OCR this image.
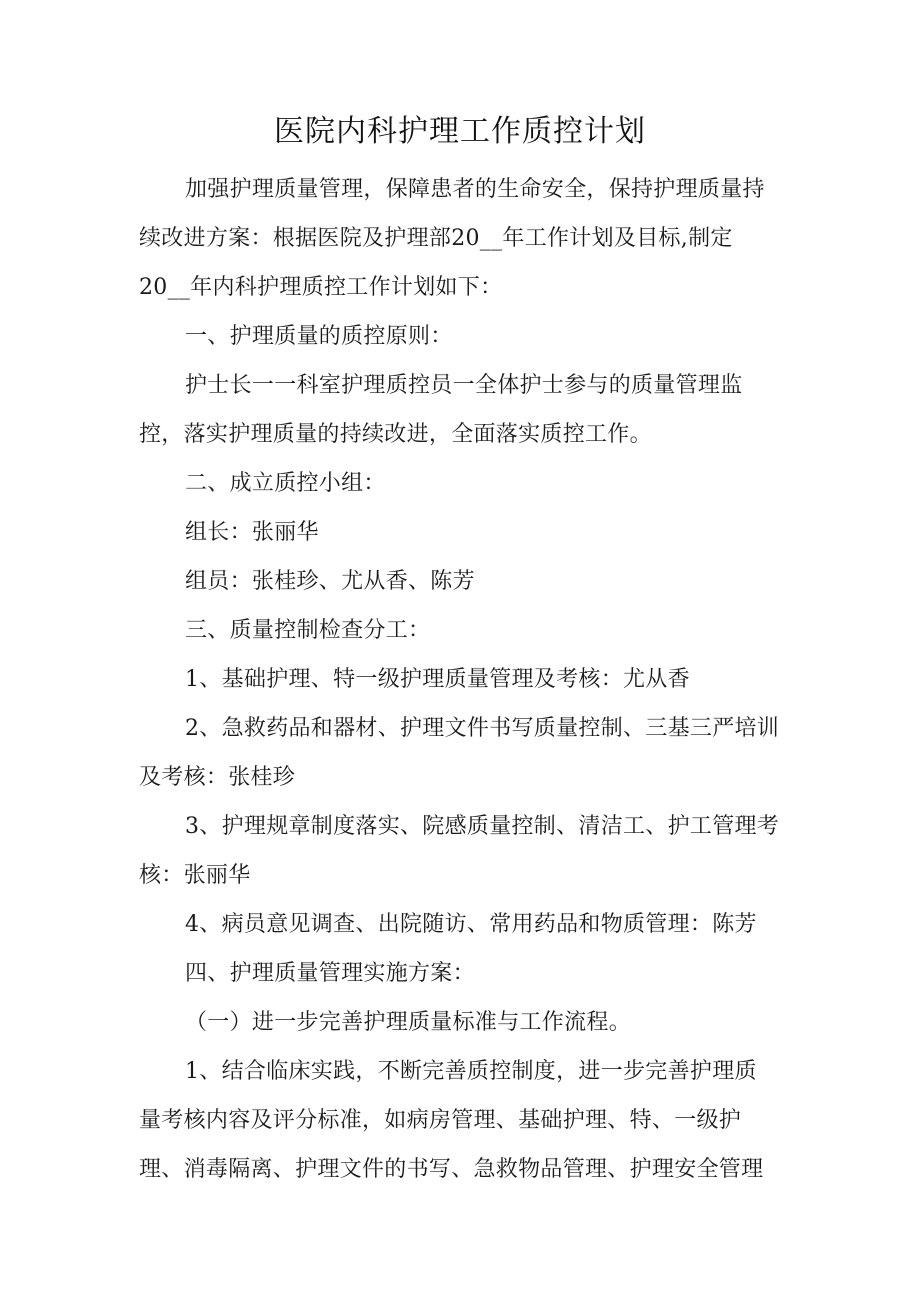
医院内科护理工作质控计划
加强护理质量管理，保障患者的生命安全，保持护理质量持
续改进方案：根据医院及护理部20__年工作计划及目标,制定
20__年内科护理质控工作计划如下：
一、护理质量的质控原则：
护士长一一科室护理质控员一全体护士参与的质量管理监
控，落实护理质量的持续改进，全面落实质控工作。
二、成立质控小组：
组长：张丽华
组员：张桂珍、尤从香、陈芳
三、质量控制检查分工：
1、基础护理、特一级护理质量管理及考核：尤从香
2、急救药品和器材、护理文件书写质量控制、三基三严培训
及考核：张桂珍
3、护理规章制度落实、院感质量控制、清洁工、护工管理考
核：张丽华
4、病员意见调查、出院随访、常用药品和物质管理：陈芳
四、护理质量管理实施方案：
（一）进一步完善护理质量标准与工作流程。
1、结合临床实践，不断完善质控制度，进一步完善护理质
量考核内容及评分标准，如病房管理、基础护理、特、一级护
理、消毒隔离、护理文件的书写、急救物品管理、护理安全管理
